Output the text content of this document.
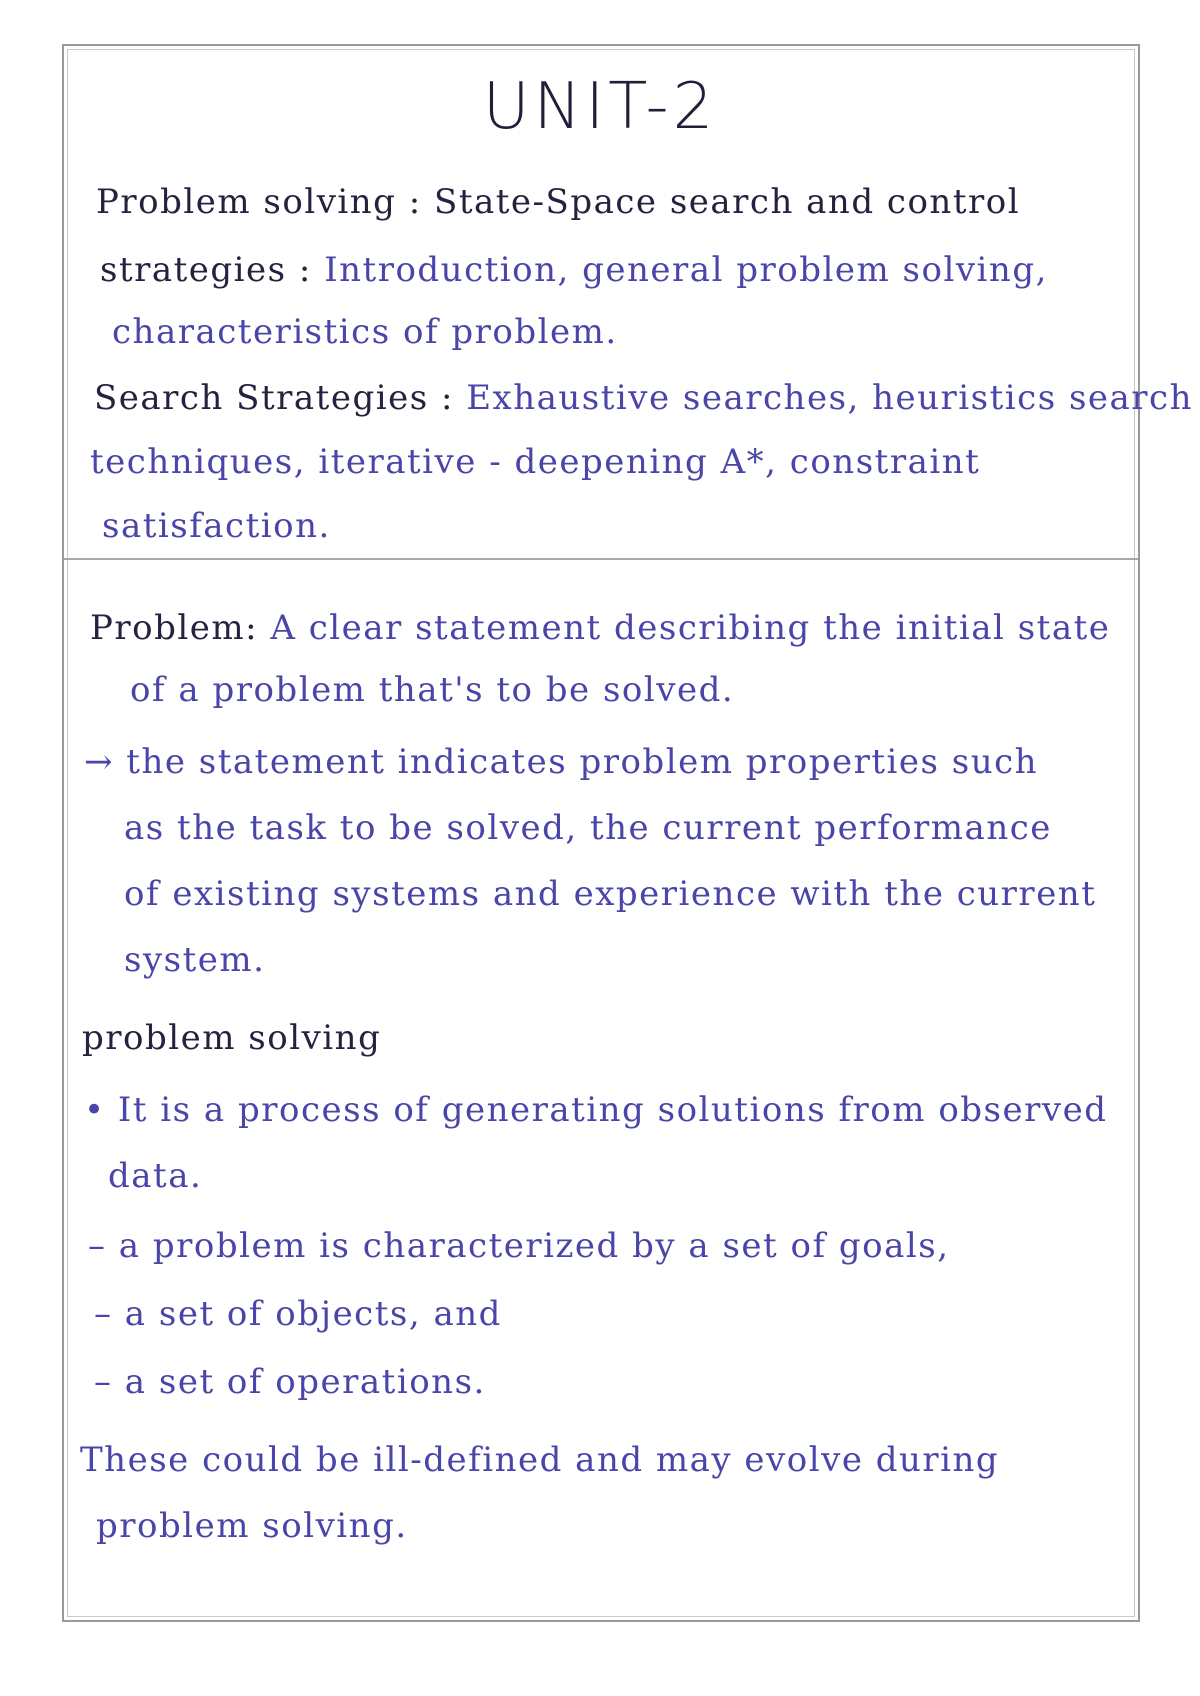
UNIT-2
Problem solving : State-Space search and control
strategies : Introduction, general problem solving,
characteristics of problem.
Search Strategies : Exhaustive searches, heuristics search
techniques, iterative - deepening A*, constraint
satisfaction.
Problem: A clear statement describing the initial state
of a problem that's to be solved.
→ the statement indicates problem properties such
as the task to be solved, the current performance
of existing systems and experience with the current
system.
problem solving
• It is a process of generating solutions from observed
data.
– a problem is characterized by a set of goals,
– a set of objects, and
– a set of operations.
These could be ill-defined and may evolve during
problem solving.
